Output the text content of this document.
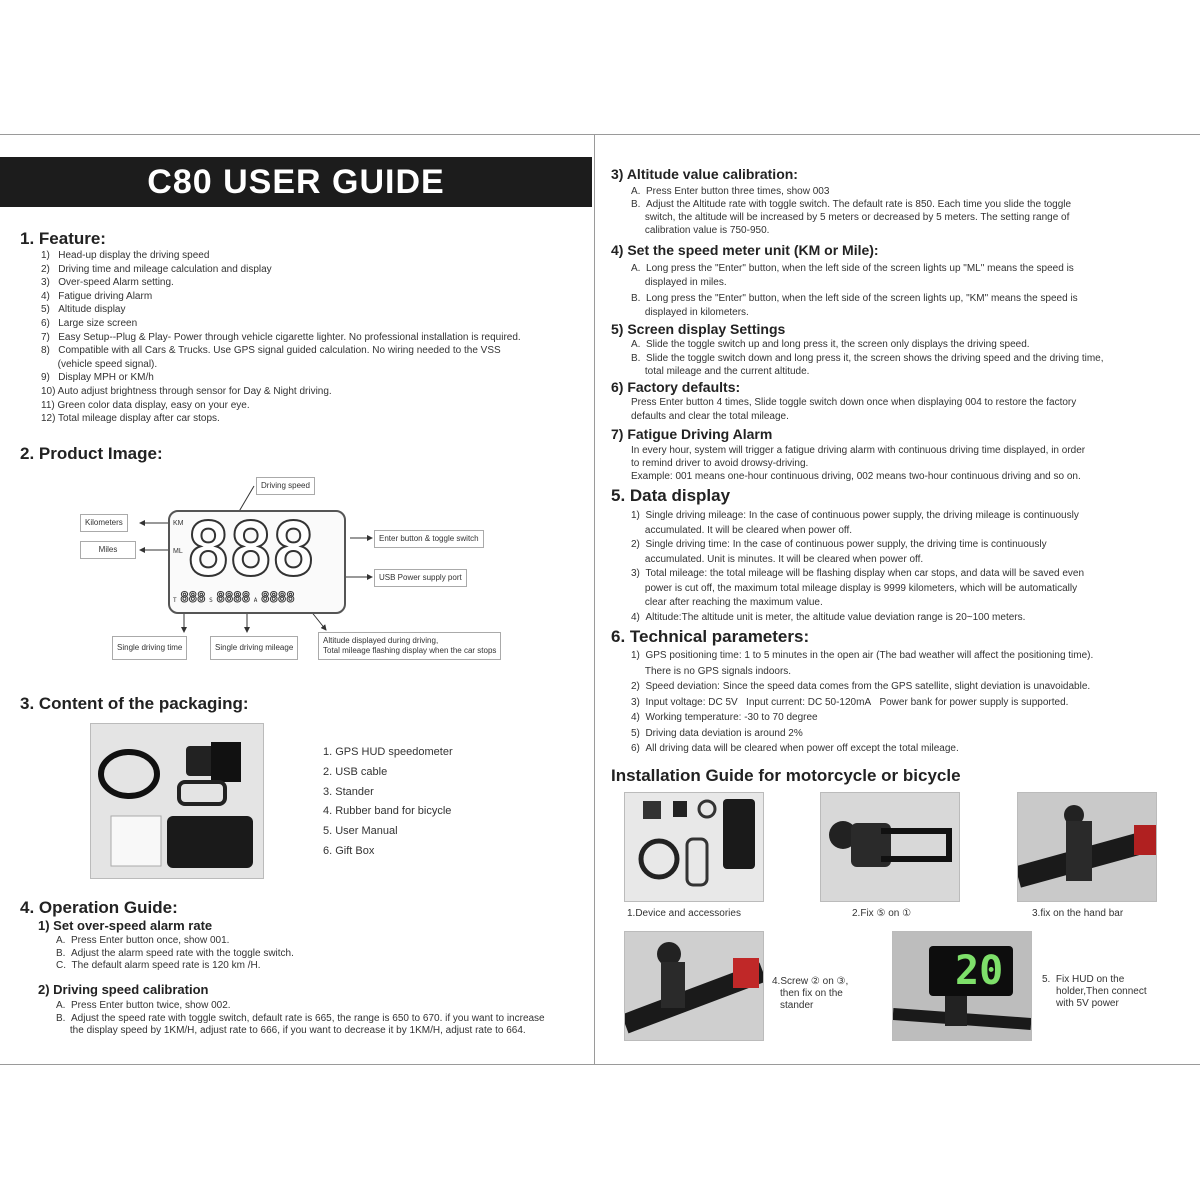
C80 USER GUIDE
1. Feature:
1)   Head-up display the driving speed
2)   Driving time and mileage calculation and display
3)   Over-speed Alarm setting.
4)   Fatigue driving Alarm
5)   Altitude display
6)   Large size screen
7)   Easy Setup--Plug & Play- Power through vehicle cigarette lighter. No professional installation is required.
8)   Compatible with all Cars & Trucks. Use GPS signal guided calculation. No wiring needed to the VSS
(vehicle speed signal).
9)   Display MPH or KM/h
10) Auto adjust brightness through sensor for Day & Night driving.
11) Green color data display, easy on your eye.
12) Total mileage display after car stops.
2. Product Image:
Driving speed
Kilometers
Miles
Enter button & toggle switch
USB Power supply port
Single driving time	Single driving mileage
Altitude displayed during driving,
Total mileage flashing display when the car stops
KM
ML 888
T 888 S 8888 A 8888
3. Content of the packaging:
1. GPS HUD speedometer
2. USB cable
3. Stander
4. Rubber band for bicycle
5. User Manual
6. Gift Box
4. Operation Guide:
1) Set over-speed alarm rate
A.  Press Enter button once, show 001.
B.  Adjust the alarm speed rate with the toggle switch.
C.  The default alarm speed rate is 120 km /H.
2) Driving speed calibration
A.  Press Enter button twice, show 002.
B.  Adjust the speed rate with toggle switch, default rate is 665, the range is 650 to 670. if you want to increase
the display speed by 1KM/H, adjust rate to 666, if you want to decrease it by 1KM/H, adjust rate to 664.
3) Altitude value calibration:
A.  Press Enter button three times, show 003
B.  Adjust the Altitude rate with toggle switch. The default rate is 850. Each time you slide the toggle
switch, the altitude will be increased by 5 meters or decreased by 5 meters. The setting range of
calibration value is 750-950.
4) Set the speed meter unit (KM or Mile):
A.  Long press the "Enter" button, when the left side of the screen lights up "ML" means the speed is
displayed in miles.
B.  Long press the "Enter" button, when the left side of the screen lights up, "KM" means the speed is
displayed in kilometers.
5) Screen display Settings
A.  Slide the toggle switch up and long press it, the screen only displays the driving speed.
B.  Slide the toggle switch down and long press it, the screen shows the driving speed and the driving time,
total mileage and the current altitude.
6) Factory defaults:
Press Enter button 4 times, Slide toggle switch down once when displaying 004 to restore the factory
defaults and clear the total mileage.
7) Fatigue Driving Alarm
In every hour, system will trigger a fatigue driving alarm with continuous driving time displayed, in order
to remind driver to avoid drowsy-driving.
Example: 001 means one-hour continuous driving, 002 means two-hour continuous driving and so on.
5. Data display
1)  Single driving mileage: In the case of continuous power supply, the driving mileage is continuously
accumulated. It will be cleared when power off.
2)  Single driving time: In the case of continuous power supply, the driving time is continuously
accumulated. Unit is minutes. It will be cleared when power off.
3)  Total mileage: the total mileage will be flashing display when car stops, and data will be saved even
power is cut off, the maximum total mileage display is 9999 kilometers, which will be automatically
clear after reaching the maximum value.
4)  Altitude:The altitude unit is meter, the altitude value deviation range is 20~100 meters.
6. Technical parameters:
1)  GPS positioning time: 1 to 5 minutes in the open air (The bad weather will affect the positioning time).
There is no GPS signals indoors.
2)  Speed deviation: Since the speed data comes from the GPS satellite, slight deviation is unavoidable.
3)  Input voltage: DC 5V   Input current: DC 50-120mA   Power bank for power supply is supported.
4)  Working temperature: -30 to 70 degree
5)  Driving data deviation is around 2%
6)  All driving data will be cleared when power off except the total mileage.
Installation Guide for motorcycle or bicycle
1.Device and accessories	2.Fix ⑤ on ①	3.fix on the hand bar
4.Screw ② on ③,
then fix on the
stander
20	5.  Fix HUD on the
holder,Then connect
with 5V power
